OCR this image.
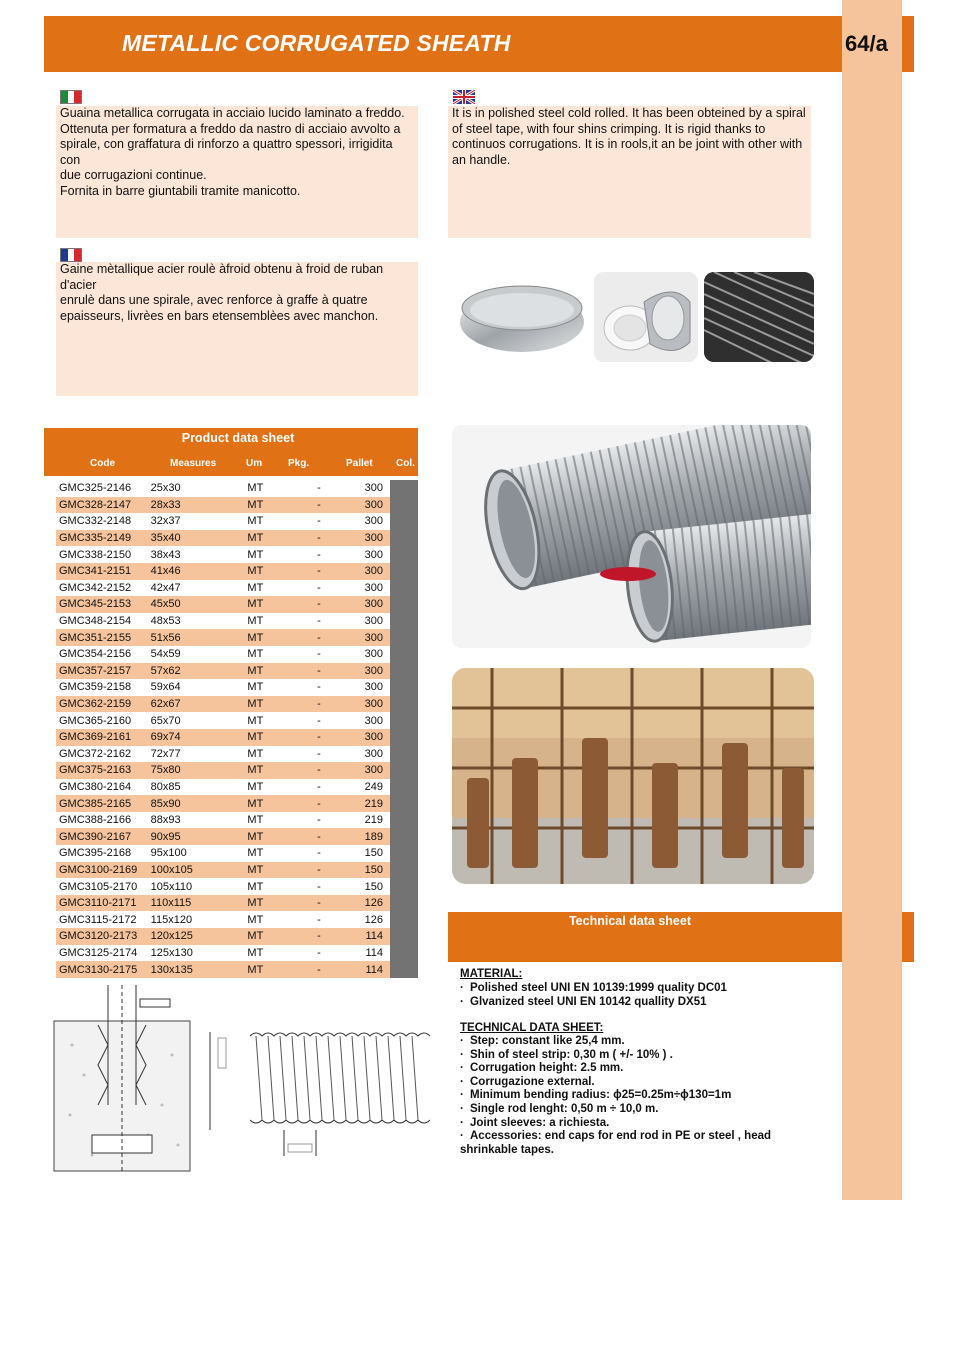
METALLIC CORRUGATED SHEATH	64/a

Guaina metallica corrugata in acciaio lucido laminato a freddo.
Ottenuta per formatura a freddo da nastro di acciaio avvolto a
spirale, con graffatura di rinforzo a quattro spessori, irrigidita con
due corrugazioni continue.
Fornita in barre giuntabili tramite manicotto.

It is in polished steel cold rolled. It has been obteined by a spiral
of steel tape, with four shins crimping. It is rigid thanks to
continuos corrugations. It is in rools,it an be joint with other with
an handle.

Gaine mètallique acier roulè àfroid obtenu à froid de ruban d'acier
enrulè dans une spirale, avec renforce à graffe à quatre
epaisseurs, livrèes en bars etensemblèes avec manchon.

Product data sheet
Code	Measures	Um	Pkg.	Pallet Col.
GMC325-2146	25x30	MT	-	300
GMC328-2147	28x33	MT	-	300
GMC332-2148	32x37	MT	-	300
GMC335-2149	35x40	MT	-	300
GMC338-2150	38x43	MT	-	300
GMC341-2151	41x46	MT	-	300
GMC342-2152	42x47	MT	-	300
GMC345-2153	45x50	MT	-	300
GMC348-2154	48x53	MT	-	300
GMC351-2155	51x56	MT	-	300
GMC354-2156	54x59	MT	-	300
GMC357-2157	57x62	MT	-	300
GMC359-2158	59x64	MT	-	300
GMC362-2159	62x67	MT	-	300
GMC365-2160	65x70	MT	-	300
GMC369-2161	69x74	MT	-	300
GMC372-2162	72x77	MT	-	300
GMC375-2163	75x80	MT	-	300
GMC380-2164	80x85	MT	-	249
GMC385-2165	85x90	MT	-	219
GMC388-2166	88x93	MT	-	219
GMC390-2167	90x95	MT	-	189
GMC395-2168	95x100	MT	-	150
GMC3100-2169	100x105	MT	-	150
GMC3105-2170	105x110	MT	-	150
GMC3110-2171	110x115	MT	-	126
GMC3115-2172	115x120	MT	-	126
GMC3120-2173	120x125	MT	-	114
GMC3125-2174	125x130	MT	-	114
GMC3130-2175	130x135	MT	-	114
Technical data sheet
MATERIAL:
· Polished steel UNI EN 10139:1999 quality DC01
· Glvanized steel UNI EN 10142 quallity DX51
TECHNICAL DATA SHEET:
· Step: constant like 25,4 mm.
· Shin of steel strip: 0,30 m ( +/- 10% ) .
· Corrugation height: 2.5 mm.
· Corrugazione external.
· Minimum bending radius: ϕ25=0.25m÷ϕ130=1m
· Single rod lenght: 0,50 m ÷ 10,0 m.
· Joint sleeves: a richiesta.
· Accessories: end caps for end rod in PE or steel , head
shrinkable tapes.
